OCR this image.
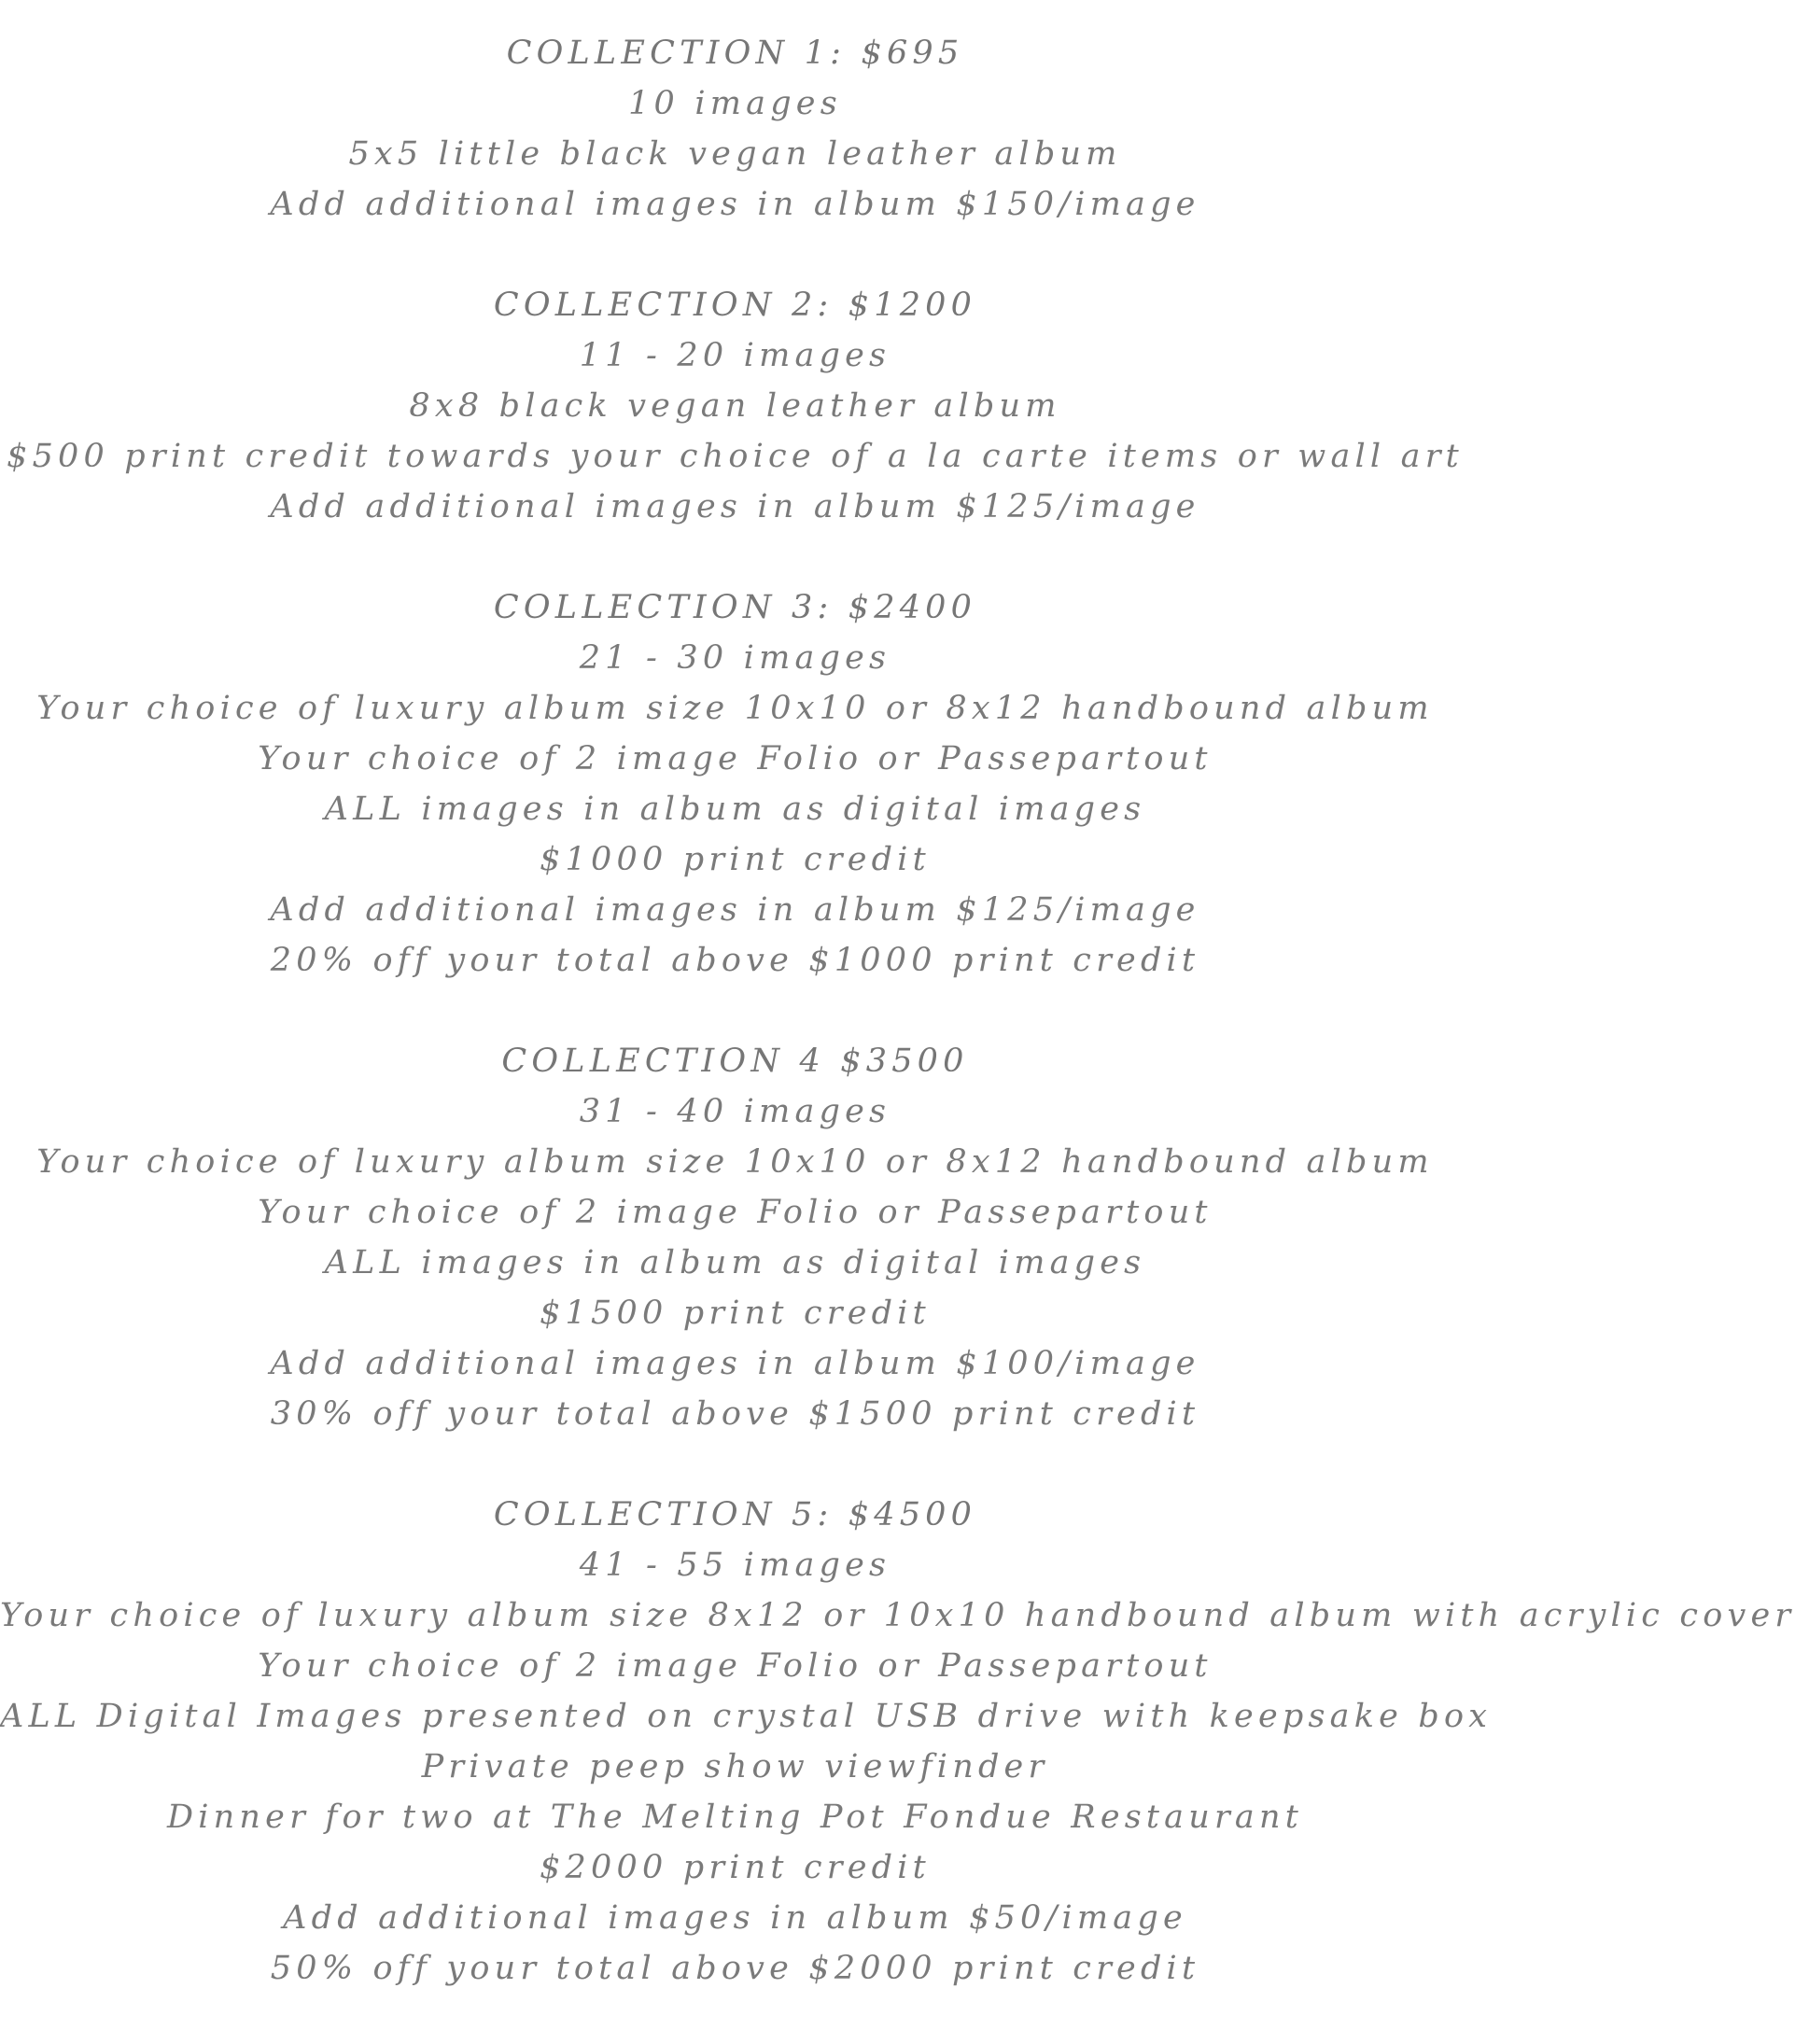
COLLECTION 1: $695
10 images
5x5 little black vegan leather album
Add additional images in album $150/image
COLLECTION 2: $1200
11 - 20 images
8x8 black vegan leather album
$500 print credit towards your choice of a la carte items or wall art
Add additional images in album $125/image
COLLECTION 3: $2400
21 - 30 images
Your choice of luxury album size 10x10 or 8x12 handbound album
Your choice of 2 image Folio or Passepartout
ALL images in album as digital images
$1000 print credit
Add additional images in album $125/image
20% off your total above $1000 print credit
COLLECTION 4 $3500
31 - 40 images
Your choice of luxury album size 10x10 or 8x12 handbound album
Your choice of 2 image Folio or Passepartout
ALL images in album as digital images
$1500 print credit
Add additional images in album $100/image
30% off your total above $1500 print credit
COLLECTION 5: $4500
41 - 55 images
Your choice of luxury album size 8x12 or 10x10 handbound album with acrylic cover
Your choice of 2 image Folio or Passepartout
ALL Digital Images presented on crystal USB drive with keepsake box
Private peep show viewfinder
Dinner for two at The Melting Pot Fondue Restaurant
$2000 print credit
Add additional images in album $50/image
50% off your total above $2000 print credit
